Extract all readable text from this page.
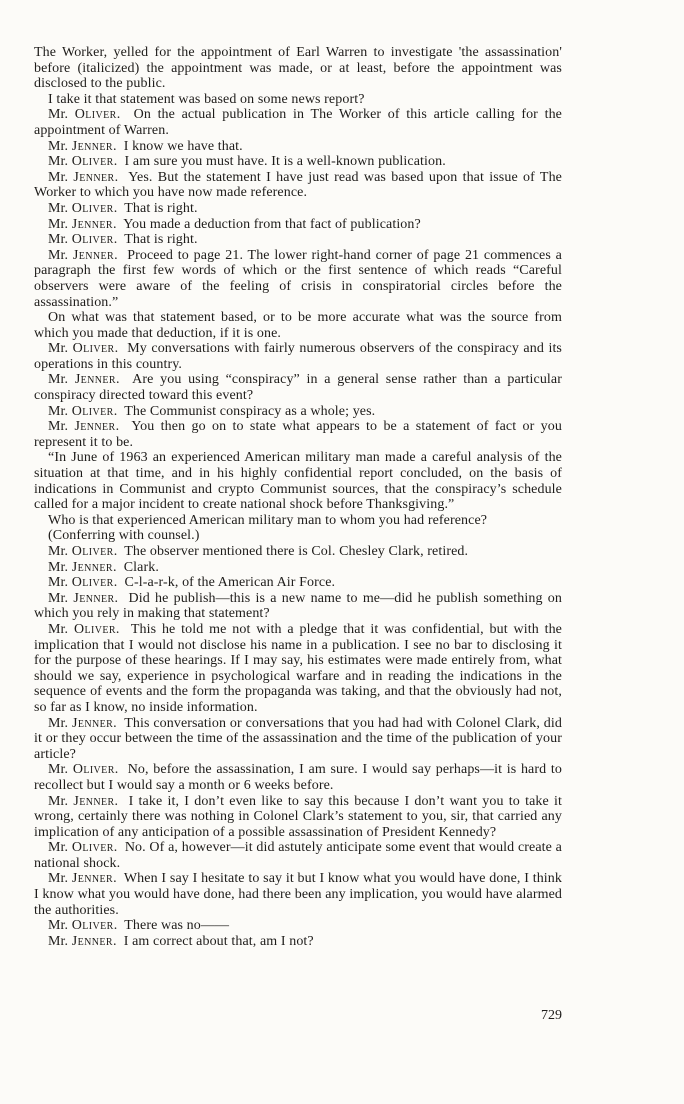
The Worker, yelled for the appointment of Earl Warren to investigate 'the assassination' before (italicized) the appointment was made, or at least, before the appointment was disclosed to the public.

I take it that statement was based on some news report?

Mr. Oliver.  On the actual publication in The Worker of this article calling for the appointment of Warren.

Mr. Jenner.  I know we have that.

Mr. Oliver.  I am sure you must have. It is a well-known publication.

Mr. Jenner.  Yes. But the statement I have just read was based upon that issue of The Worker to which you have now made reference.

Mr. Oliver.  That is right.

Mr. Jenner.  You made a deduction from that fact of publication?

Mr. Oliver.  That is right.

Mr. Jenner.  Proceed to page 21. The lower right-hand corner of page 21 commences a paragraph the first few words of which or the first sentence of which reads “Careful observers were aware of the feeling of crisis in conspiratorial circles before the assassination.”

On what was that statement based, or to be more accurate what was the source from which you made that deduction, if it is one.

Mr. Oliver.  My conversations with fairly numerous observers of the conspiracy and its operations in this country.

Mr. Jenner.  Are you using “conspiracy” in a general sense rather than a particular conspiracy directed toward this event?

Mr. Oliver.  The Communist conspiracy as a whole; yes.

Mr. Jenner.  You then go on to state what appears to be a statement of fact or you represent it to be.

“In June of 1963 an experienced American military man made a careful analysis of the situation at that time, and in his highly confidential report concluded, on the basis of indications in Communist and crypto Communist sources, that the conspiracy’s schedule called for a major incident to create national shock before Thanksgiving.”

Who is that experienced American military man to whom you had reference?

(Conferring with counsel.)

Mr. Oliver.  The observer mentioned there is Col. Chesley Clark, retired.

Mr. Jenner.  Clark.

Mr. Oliver.  C-l-a-r-k, of the American Air Force.

Mr. Jenner.  Did he publish—this is a new name to me—did he publish something on which you rely in making that statement?

Mr. Oliver.  This he told me not with a pledge that it was confidential, but with the implication that I would not disclose his name in a publication. I see no bar to disclosing it for the purpose of these hearings. If I may say, his estimates were made entirely from, what should we say, experience in psychological warfare and in reading the indications in the sequence of events and the form the propaganda was taking, and that the obviously had not, so far as I know, no inside information.

Mr. Jenner.  This conversation or conversations that you had had with Colonel Clark, did it or they occur between the time of the assassination and the time of the publication of your article?

Mr. Oliver.  No, before the assassination, I am sure. I would say perhaps—it is hard to recollect but I would say a month or 6 weeks before.

Mr. Jenner.  I take it, I don’t even like to say this because I don’t want you to take it wrong, certainly there was nothing in Colonel Clark’s statement to you, sir, that carried any implication of any anticipation of a possible assassination of President Kennedy?

Mr. Oliver.  No. Of a, however—it did astutely anticipate some event that would create a national shock.

Mr. Jenner.  When I say I hesitate to say it but I know what you would have done, I think I know what you would have done, had there been any implication, you would have alarmed the authorities.

Mr. Oliver.  There was no——

Mr. Jenner.  I am correct about that, am I not?

729
